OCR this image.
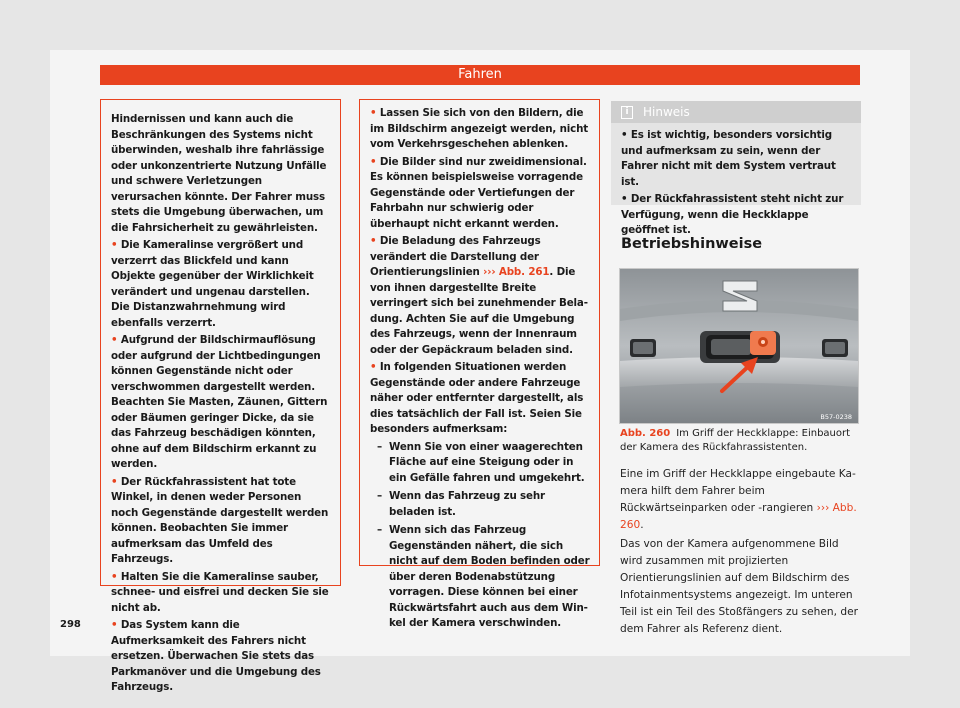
Fahren

Hindernissen und kann auch die Beschränkungen des Systems nicht überwinden, weshalb ihre fahrlässige oder unkonzentrierte Nutzung Unfälle und schwere Verletzungen verursachen könnte. Der Fahrer muss stets die Umgebung überwachen, um die Fahrsicherheit zu gewährleisten.

• Die Kameralinse vergrößert und verzerrt das Blickfeld und kann Objekte gegenüber der Wirklichkeit verändert und ungenau darstellen. Die Distanzwahrnehmung wird ebenfalls verzerrt.

• Aufgrund der Bildschirmauflösung oder aufgrund der Lichtbedingungen können Gegenstände nicht oder verschwommen dargestellt werden. Beachten Sie Masten, Zäunen, Gittern oder Bäumen geringer Dicke, da sie das Fahrzeug beschädigen könnten, ohne auf dem Bildschirm erkannt zu werden.

• Der Rückfahrassistent hat tote Winkel, in denen weder Personen noch Gegenstände dargestellt werden können. Beobachten Sie immer aufmerksam das Umfeld des Fahrzeugs.

• Halten Sie die Kameralinse sauber, schnee- und eisfrei und decken Sie sie nicht ab.

• Das System kann die Aufmerksamkeit des Fahrers nicht ersetzen. Überwachen Sie stets das Parkmanöver und die Umgebung des Fahrzeugs.

• Lassen Sie sich von den Bildern, die im Bildschirm angezeigt werden, nicht vom Verkehrsgeschehen ablenken.

• Die Bilder sind nur zweidimensional. Es können beispielsweise vorragende Gegenstände oder Vertiefungen der Fahrbahn nur schwierig oder überhaupt nicht erkannt werden.

• Die Beladung des Fahrzeugs verändert die Darstellung der Orientierungslinien ››› Abb. 261. Die von ihnen dargestellte Breite verringert sich bei zunehmender Beladung. Achten Sie auf die Umgebung des Fahrzeugs, wenn der Innenraum oder der Gepäckraum beladen sind.

• In folgenden Situationen werden Gegenstände oder andere Fahrzeuge näher oder entfernter dargestellt, als dies tatsächlich der Fall ist. Seien Sie besonders aufmerksam:

– Wenn Sie von einer waagerechten Fläche auf eine Steigung oder in ein Gefälle fahren und umgekehrt.
– Wenn das Fahrzeug zu sehr beladen ist.
– Wenn sich das Fahrzeug Gegenständen nähert, die sich nicht auf dem Boden befinden oder über deren Bodenabstützung vorragen. Diese können bei einer Rückwärtsfahrt auch aus dem Winkel der Kamera verschwinden.
i	Hinweis

• Es ist wichtig, besonders vorsichtig und aufmerksam zu sein, wenn der Fahrer nicht mit dem System vertraut ist.

• Der Rückfahrassistent steht nicht zur Verfügung, wenn die Heckklappe geöffnet ist.

Betriebshinweise
B57-0238
Abb. 260 Im Griff der Heckklappe: Einbauort der Kamera des Rückfahrassistenten.

Eine im Griff der Heckklappe eingebaute Kamera hilft dem Fahrer beim Rückwärtseinparken oder -rangieren ››› Abb. 260.

Das von der Kamera aufgenommene Bild wird zusammen mit projizierten Orientierungslinien auf dem Bildschirm des Infotainmentsystems angezeigt. Im unteren Teil ist ein Teil des Stoßfängers zu sehen, der dem Fahrer als Referenz dient.

298
